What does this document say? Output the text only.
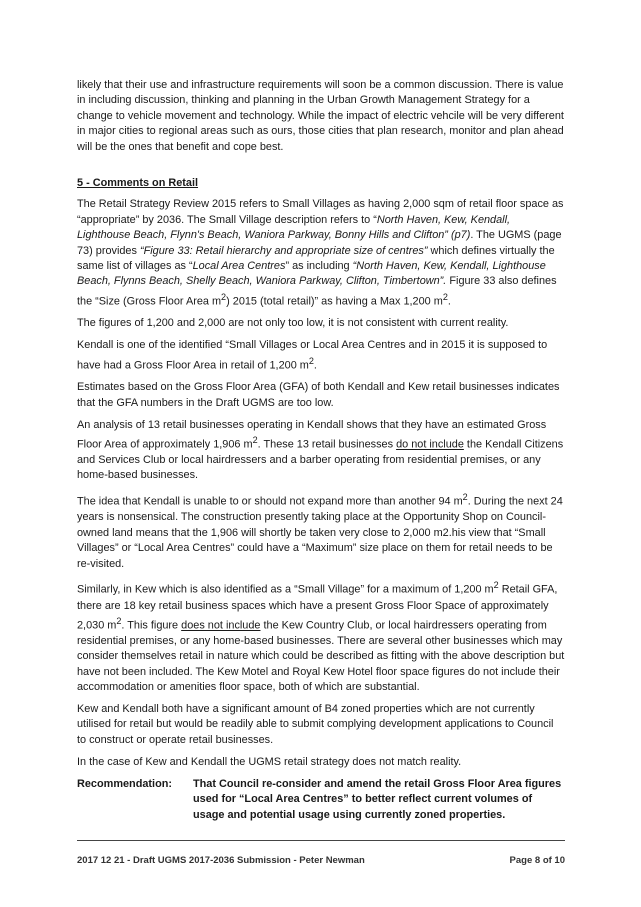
likely that their use and infrastructure requirements will soon be a common discussion. There is value in including discussion, thinking and planning in the Urban Growth Management Strategy for a change to vehicle movement and technology. While the impact of electric vehcile will be very different in major cities to regional areas such as ours, those cities that plan research, monitor and plan ahead will be the ones that benefit and cope best.

5 - Comments on Retail

The Retail Strategy Review 2015 refers to Small Villages as having 2,000 sqm of retail floor space as “appropriate” by 2036. The Small Village description refers to “North Haven, Kew, Kendall, Lighthouse Beach, Flynn's Beach, Waniora Parkway, Bonny Hills and Clifton” (p7). The UGMS (page 73) provides “Figure 33: Retail hierarchy and appropriate size of centres” which defines virtually the same list of villages as “Local Area Centres” as including “North Haven, Kew, Kendall, Lighthouse Beach, Flynns Beach, Shelly Beach, Waniora Parkway, Clifton, Timbertown”. Figure 33 also defines the “Size (Gross Floor Area $m^2$) 2015 (total retail)” as having a Max 1,200 $m^2$.

The figures of 1,200 and 2,000 are not only too low, it is not consistent with current reality.

Kendall is one of the identified “Small Villages or Local Area Centres and in 2015 it is supposed to have had a Gross Floor Area in retail of 1,200 $m^2$.

Estimates based on the Gross Floor Area (GFA) of both Kendall and Kew retail businesses indicates that the GFA numbers in the Draft UGMS are too low.

An analysis of 13 retail businesses operating in Kendall shows that they have an estimated Gross Floor Area of approximately 1,906 $m^2$. These 13 retail businesses do not include the Kendall Citizens and Services Club or local hairdressers and a barber operating from residential premises, or any home-based businesses.

The idea that Kendall is unable to or should not expand more than another 94 $m^2$. During the next 24 years is nonsensical. The construction presently taking place at the Opportunity Shop on Council-owned land means that the 1,906 will shortly be taken very close to 2,000 m2.his view that “Small Villages” or “Local Area Centres” could have a “Maximum” size place on them for retail needs to be re-visited.

Similarly, in Kew which is also identified as a “Small Village” for a maximum of 1,200 $m^2$ Retail GFA, there are 18 key retail business spaces which have a present Gross Floor Space of approximately 2,030 $m^2$. This figure does not include the Kew Country Club, or local hairdressers operating from residential premises, or any home-based businesses. There are several other businesses which may consider themselves retail in nature which could be described as fitting with the above description but have not been included. The Kew Motel and Royal Kew Hotel floor space figures do not include their accommodation or amenities floor space, both of which are substantial.

Kew and Kendall both have a significant amount of B4 zoned properties which are not currently utilised for retail but would be readily able to submit complying development applications to Council to construct or operate retail businesses.

In the case of Kew and Kendall the UGMS retail strategy does not match reality.

Recommendation:	That Council re-consider and amend the retail Gross Floor Area figures used for “Local Area Centres” to better reflect current volumes of usage and potential usage using currently zoned properties.
2017 12 21 - Draft UGMS 2017-2036 Submission - Peter Newman	Page 8 of 10
